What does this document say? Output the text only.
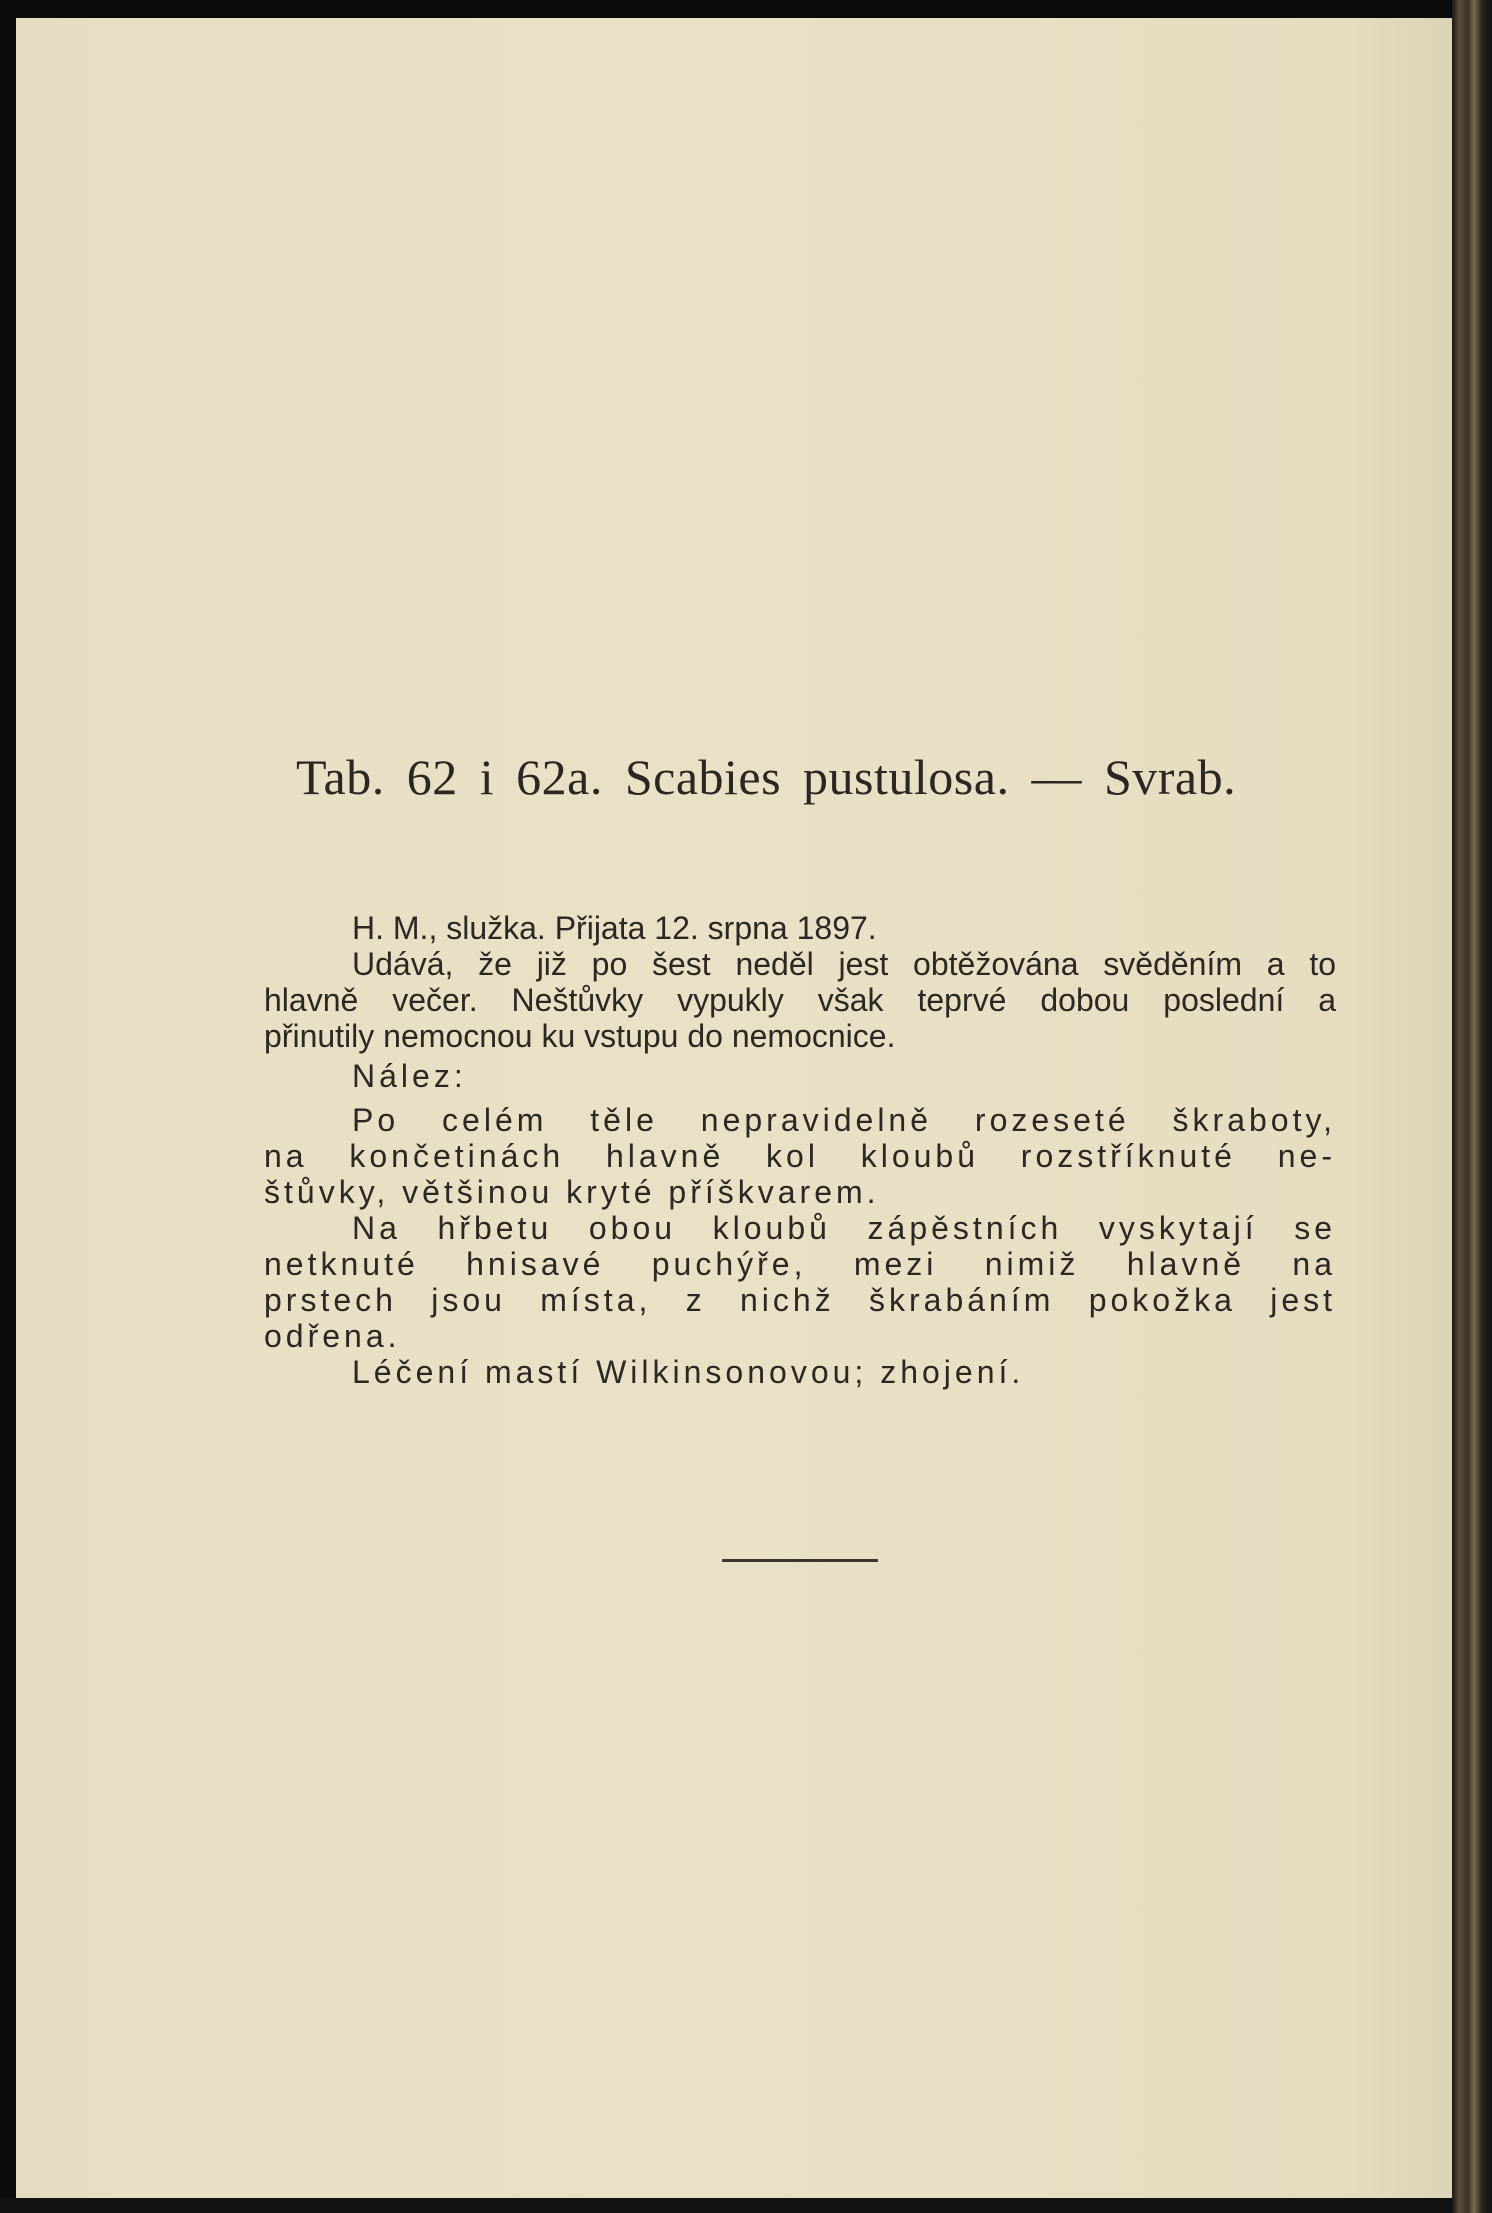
Tab. 62 i 62a. Scabies pustulosa. — Svrab.
H. M., služka. Přijata 12. srpna 1897.
Udává, že již po šest neděl jest obtěžována svěděním a to
hlavně večer. Neštůvky vypukly však teprvé dobou poslední a
přinutily nemocnou ku vstupu do nemocnice.
Nález:
Po celém těle nepravidelně rozeseté škraboty,
na končetinách hlavně kol kloubů rozstříknuté ne-
štůvky, většinou kryté příškvarem.
Na hřbetu obou kloubů zápěstních vyskytají se
netknuté hnisavé puchýře, mezi nimiž hlavně na
prstech jsou místa, z nichž škrabáním pokožka jest
odřena.
Léčení mastí Wilkinsonovou; zhojení.
